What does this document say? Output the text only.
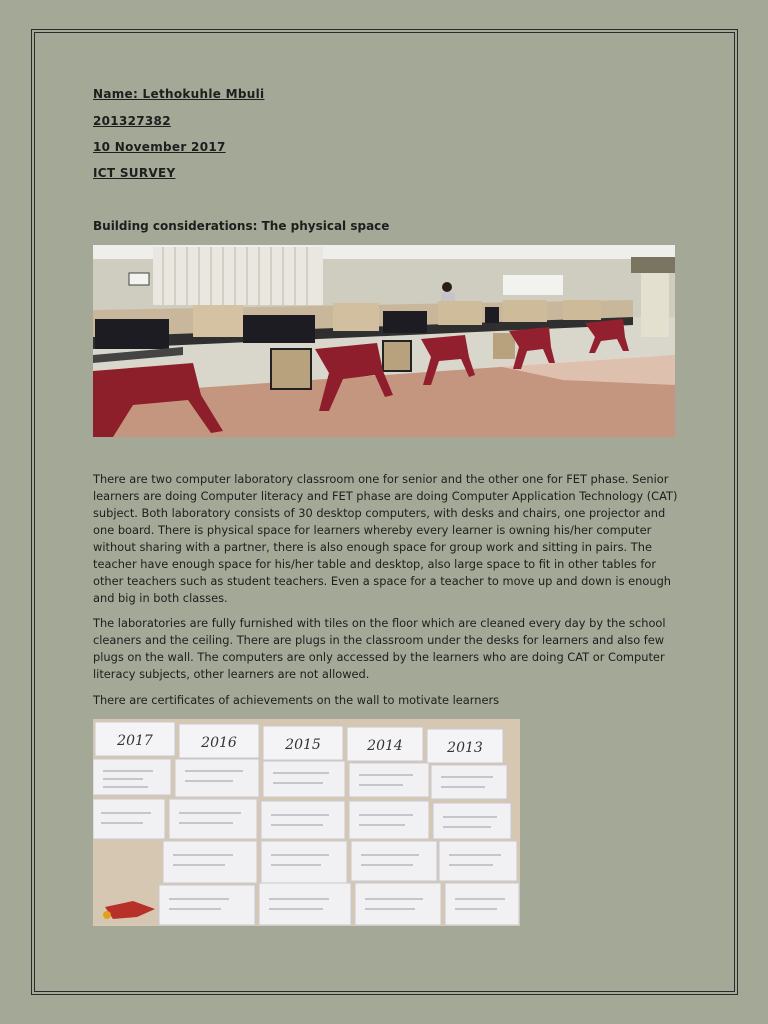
Name: Lethokuhle Mbuli
201327382
10 November 2017
ICT SURVEY
Building considerations: The physical space
There are two computer laboratory classroom one for senior and the other one for FET phase. Senior learners are doing Computer literacy and FET phase are doing Computer Application Technology (CAT) subject. Both laboratory consists of 30 desktop computers, with desks and chairs, one projector and one board. There is physical space for learners whereby every learner is owning his/her computer without sharing with a partner, there is also enough space for group work and sitting in pairs. The teacher have enough space for his/her table and desktop, also large space to fit in other tables for other teachers such as student teachers. Even a space for a teacher to move up and down is enough and big in both classes.
The laboratories are fully furnished with tiles on the floor which are cleaned every day by the school cleaners and the ceiling. There are plugs in the classroom under the desks for learners and also few plugs on the wall. The computers are only accessed by the learners who are doing CAT or Computer literacy subjects, other learners are not allowed.
There are certificates of achievements on the wall to motivate learners
2017	2016	2015	2014	2013
